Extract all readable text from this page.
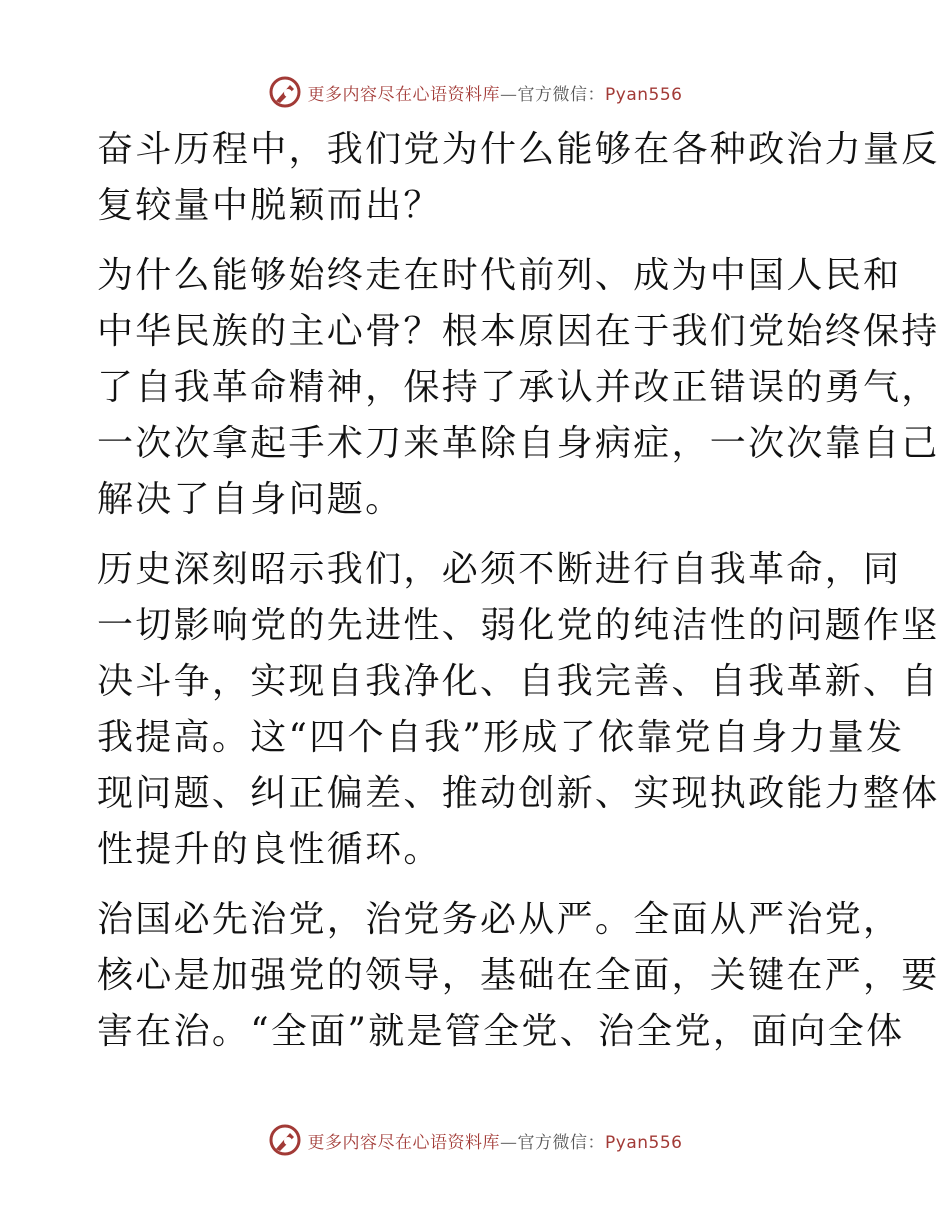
更多内容尽在心语资料库—官方微信：Pyan556
奋斗历程中，我们党为什么能够在各种政治力量反
复较量中脱颖而出？
为什么能够始终走在时代前列、成为中国人民和
中华民族的主心骨？根本原因在于我们党始终保持
了自我革命精神，保持了承认并改正错误的勇气，
一次次拿起手术刀来革除自身病症，一次次靠自己
解决了自身问题。
历史深刻昭示我们，必须不断进行自我革命，同
一切影响党的先进性、弱化党的纯洁性的问题作坚
决斗争，实现自我净化、自我完善、自我革新、自
我提高。这“四个自我”形成了依靠党自身力量发
现问题、纠正偏差、推动创新、实现执政能力整体
性提升的良性循环。
治国必先治党，治党务必从严。全面从严治党，
核心是加强党的领导，基础在全面，关键在严，要
害在治。“全面”就是管全党、治全党，面向全体
更多内容尽在心语资料库—官方微信：Pyan556
